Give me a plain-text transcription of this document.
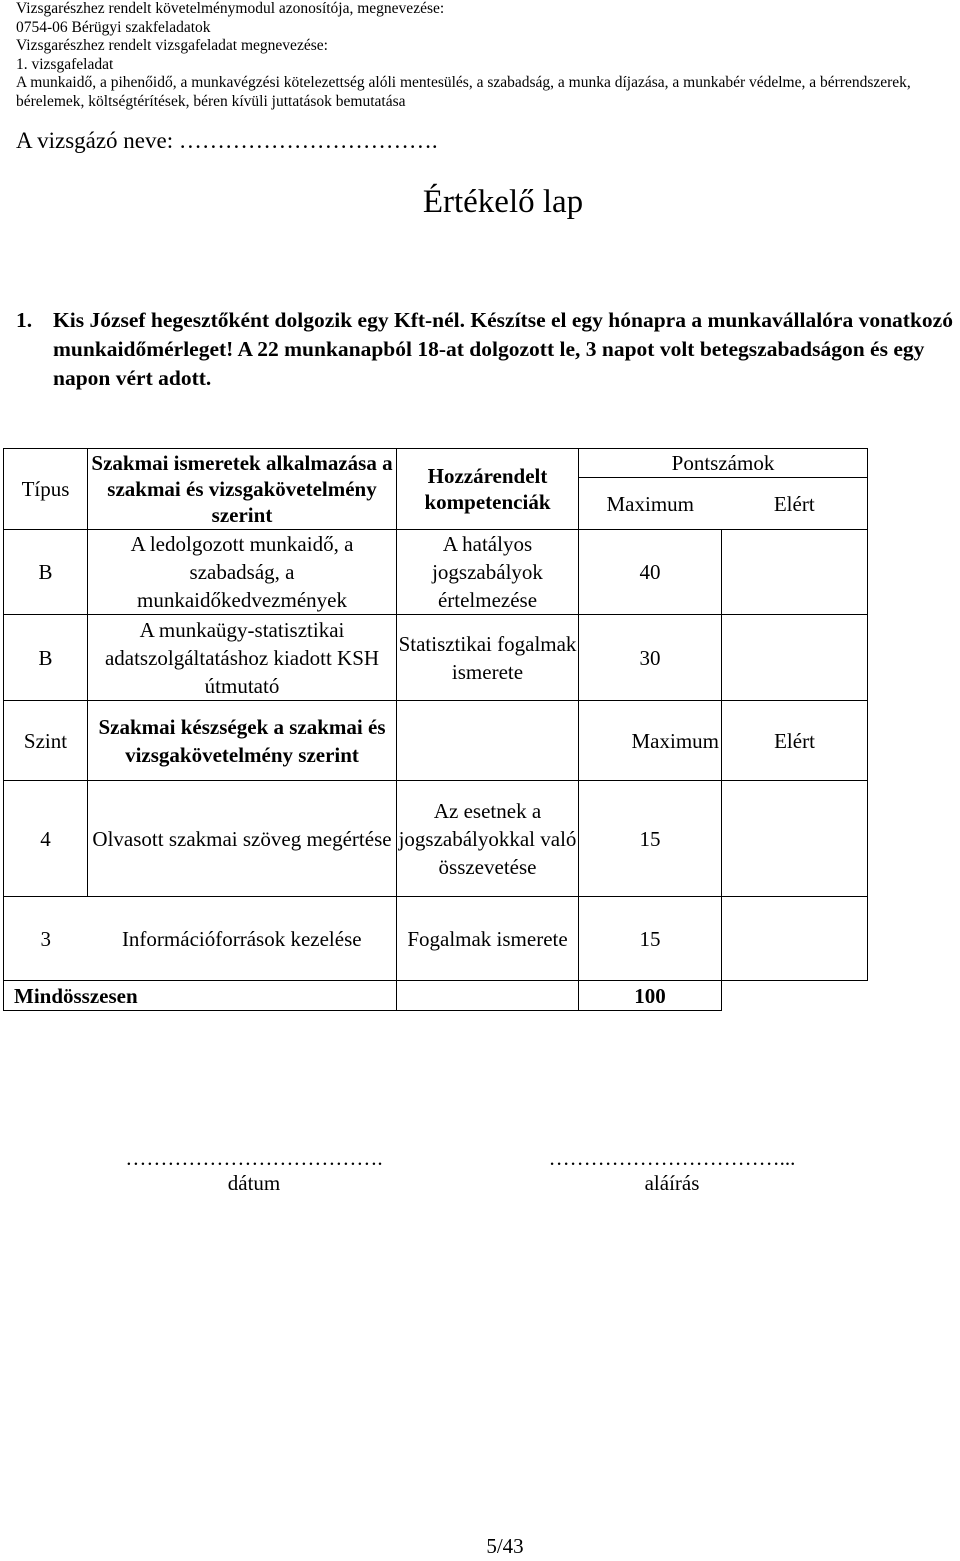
Vizsgarészhez rendelt követelménymodul azonosítója, megnevezése:
0754-06 Bérügyi szakfeladatok
Vizsgarészhez rendelt vizsgafeladat megnevezése:
1. vizsgafeladat
A munkaidő, a pihenőidő, a munkavégzési kötelezettség alóli mentesülés, a szabadság, a munka díjazása, a munkabér védelme, a bérrendszerek, bérelemek, költségtérítések, béren kívüli juttatások bemutatása
A vizsgázó neve: …………………………….
Értékelő lap
1. Kis József hegesztőként dolgozik egy Kft-nél. Készítse el egy hónapra a munkavállalóra vonatkozó munkaidőmérleget! A 22 munkanapból 18-at dolgozott le, 3 napot volt betegszabadságon és egy napon vért adott.
Típus	Szakmai ismeretek alkalmazása a szakmai és vizsgakövetelmény szerint	Hozzárendelt kompetenciák	Pontszámok	
			Maximum	Elért
B	A ledolgozott munkaidő, a szabadság, a munkaidőkedvezmények	A hatályos jogszabályok értelmezése	40	
B	A munkaügy-statisztikai adatszolgáltatáshoz kiadott KSH útmutató	Statisztikai fogalmak ismerete	30	
Szint	Szakmai készségek a szakmai és vizsgakövetelmény szerint		Maximum	Elért
4	Olvasott szakmai szöveg megértése	Az esetnek a jogszabályokkal való összevetése	15	
3	Információforrások kezelése	Fogalmak ismerete	15	
Mindösszesen			100	
……………………………….
dátum
……………………………...
aláírás
5/43
